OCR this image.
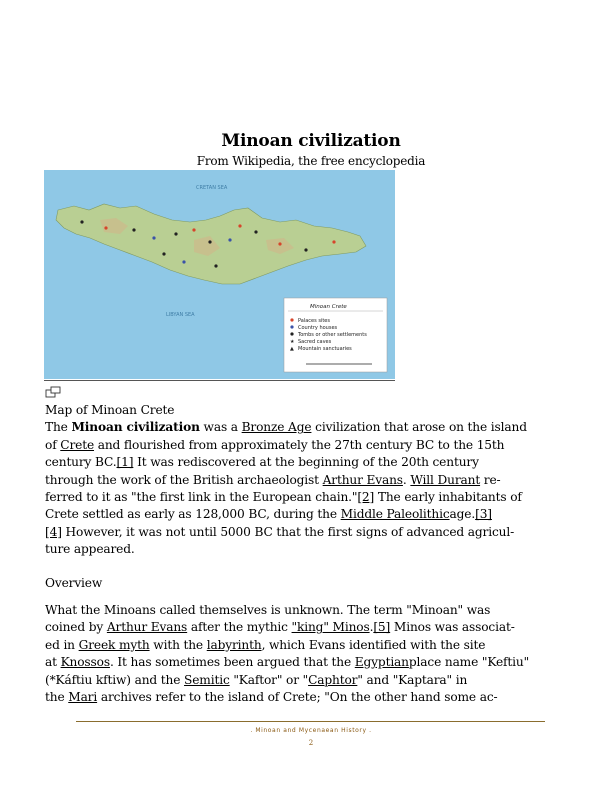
Minoan civilization
From Wikipedia, the free encyclopedia
CRETAN SEA
LIBYAN SEA
Minoan Crete
Palaces sites
Country houses
Tombs or other settlements
★ Sacred caves
▲ Mountain sanctuaries
Map of Minoan Crete
The Minoan civilization was a Bronze Age civilization that arose on the island
of Crete and flourished from approximately the 27th century BC to the 15th
century BC.[1] It was rediscovered at the beginning of the 20th century
through the work of the British archaeologist Arthur Evans. Will Durant re-
ferred to it as "the first link in the European chain."[2] The early inhabitants of
Crete settled as early as 128,000 BC, during the Middle Paleolithicage.[3]
[4] However, it was not until 5000 BC that the first signs of advanced agricul-
ture appeared.
Overview
What the Minoans called themselves is unknown. The term "Minoan" was
coined by Arthur Evans after the mythic "king" Minos.[5] Minos was associat-
ed in Greek myth with the labyrinth, which Evans identified with the site
at Knossos. It has sometimes been argued that the Egyptianplace name "Keftiu"
(*Káftiu kftiw) and the Semitic "Kaftor" or "Caphtor" and "Kaptara" in
the Mari archives refer to the island of Crete; "On the other hand some ac-
. Minoan and Mycenaean History .
2
